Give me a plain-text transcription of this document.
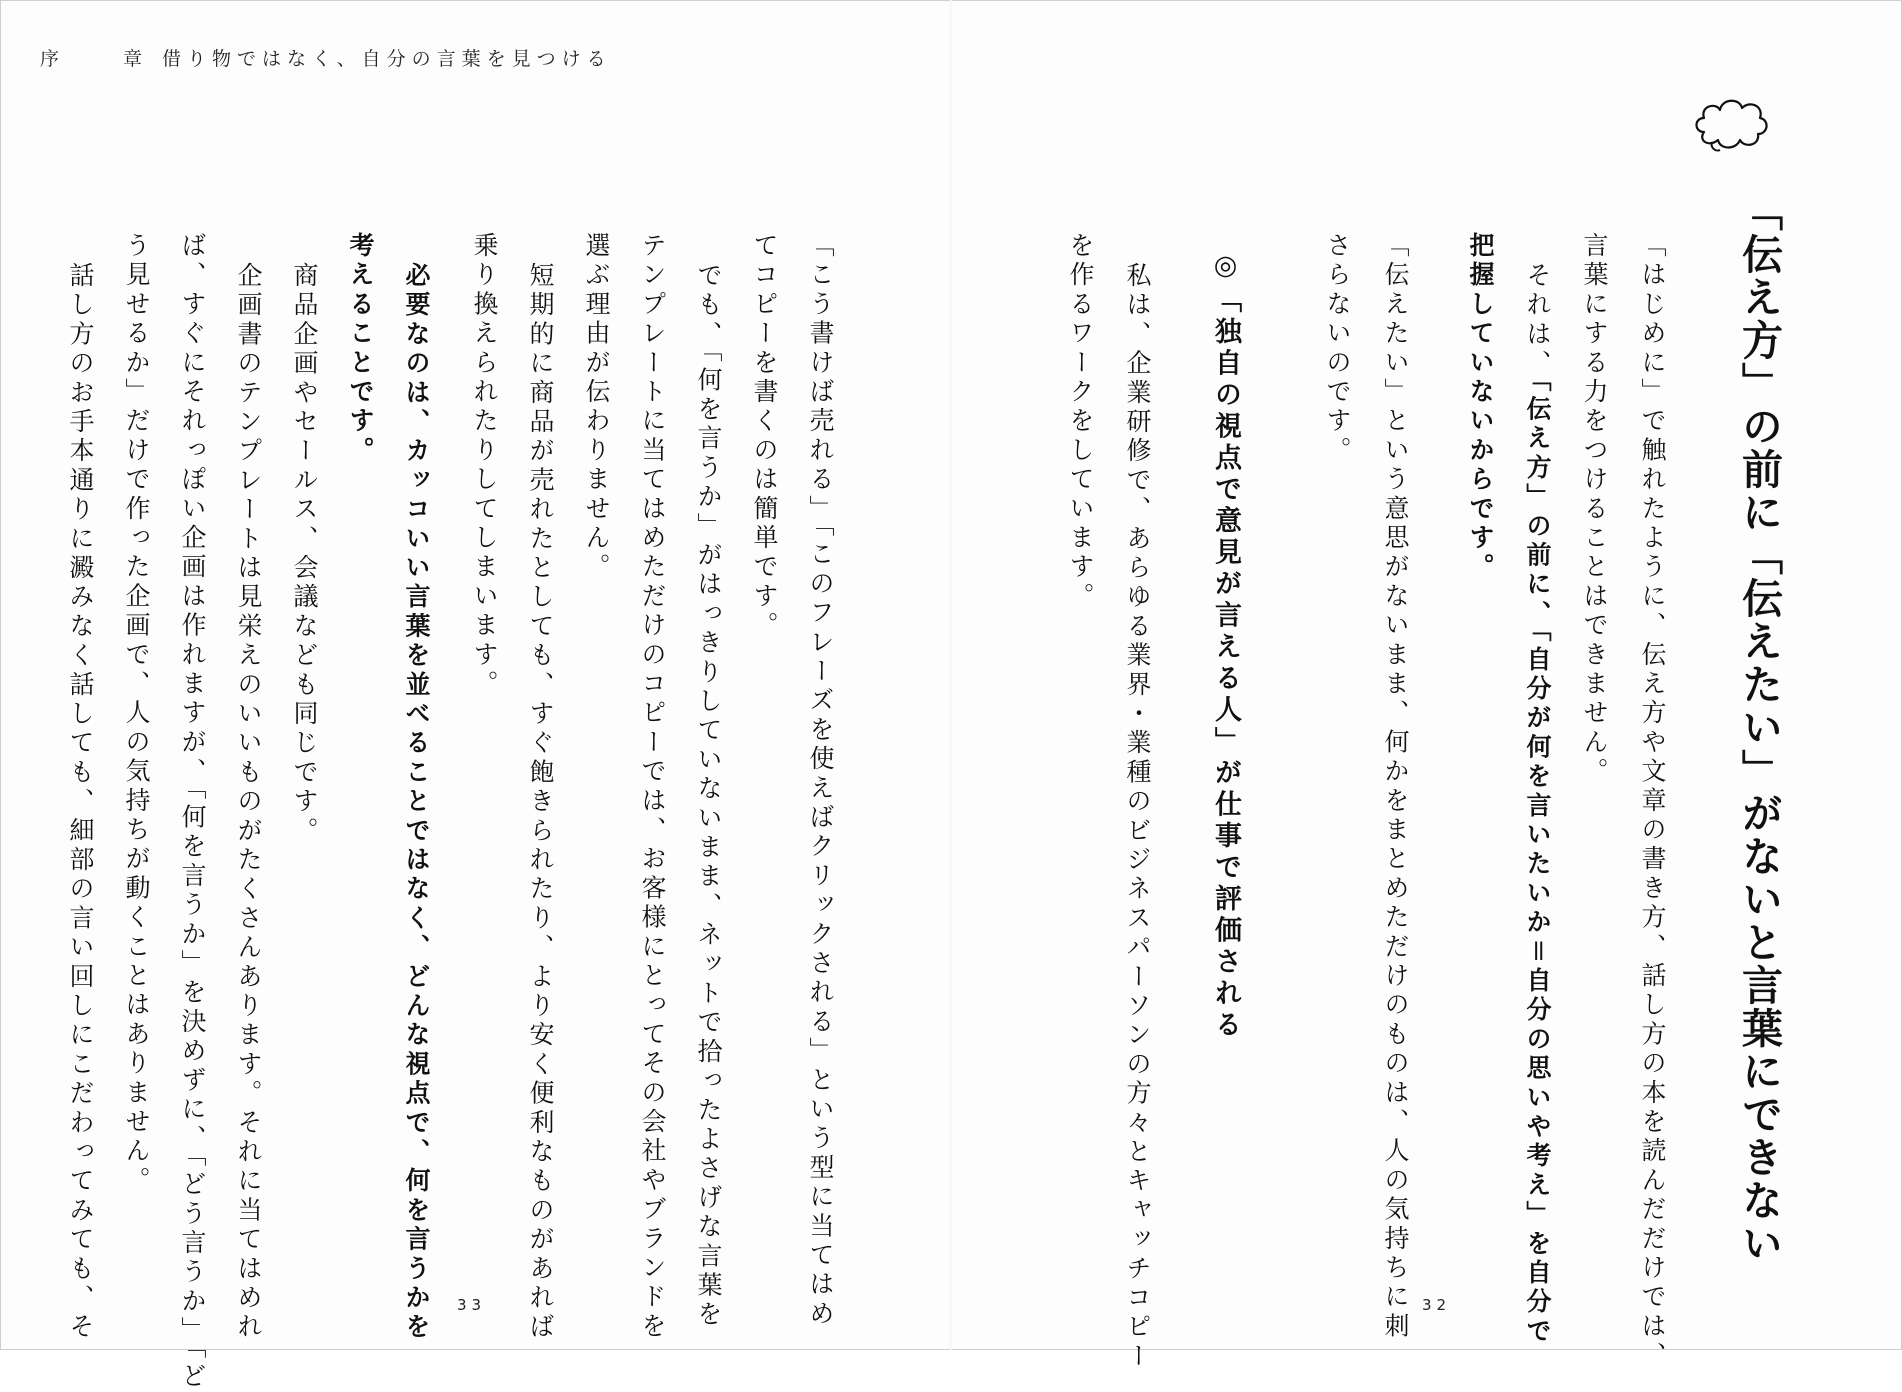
序	章 借り物ではなく、自分の言葉を見つける
33	32
「伝え方」の前に「伝えたい」がないと言葉にできない
「はじめに」で触れたように、伝え方や文章の書き方、話し方の本を読んだだけでは、
言葉にする力をつけることはできません。
それは、「伝え方」の前に、「自分が何を言いたいか＝自分の思いや考え」を自分で
把握していないからです。
「伝えたい」という意思がないまま、何かをまとめただけのものは、人の気持ちに刺
さらないのです。
◎「独自の視点で意見が言える人」が仕事で評価される
私は、企業研修で、あらゆる業界・業種のビジネスパーソンの方々とキャッチコピー
を作るワークをしています。
「こう書けば売れる」「このフレーズを使えばクリックされる」という型に当てはめ
てコピーを書くのは簡単です。
でも、「何を言うか」がはっきりしていないまま、ネットで拾ったよさげな言葉を
テンプレートに当てはめただけのコピーでは、お客様にとってその会社やブランドを
選ぶ理由が伝わりません。
短期的に商品が売れたとしても、すぐ飽きられたり、より安く便利なものがあれば
乗り換えられたりしてしまいます。
必要なのは、カッコいい言葉を並べることではなく、どんな視点で、何を言うかを
考えることです。
商品企画やセールス、会議なども同じです。
企画書のテンプレートは見栄えのいいものがたくさんあります。それに当てはめれ
ば、すぐにそれっぽい企画は作れますが、「何を言うか」を決めずに、「どう言うか」「ど
う見せるか」だけで作った企画で、人の気持ちが動くことはありません。
話し方のお手本通りに澱みなく話しても、細部の言い回しにこだわってみても、そ
